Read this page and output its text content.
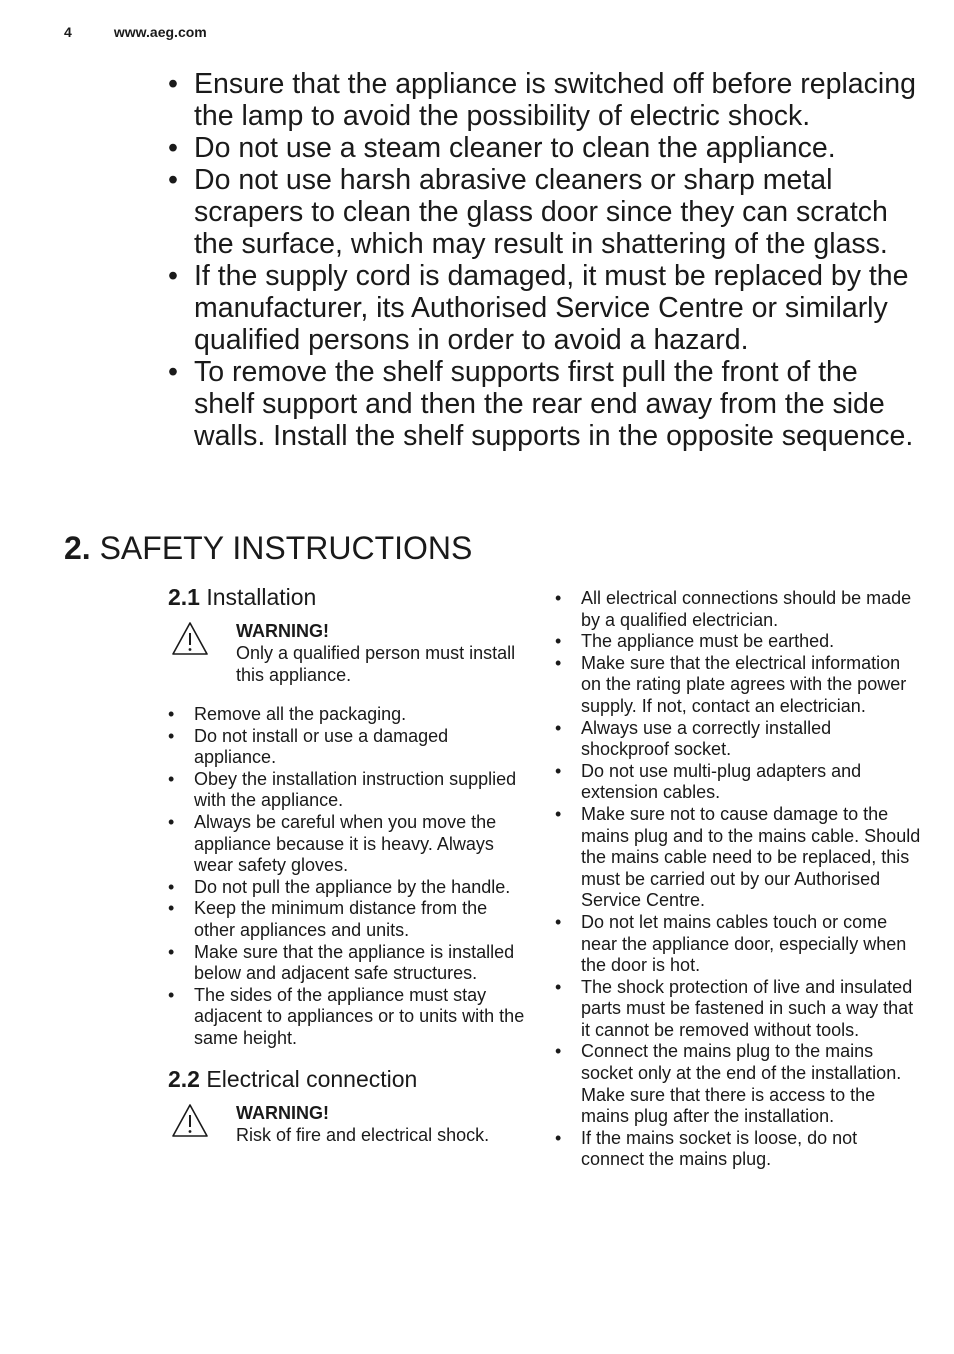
4	www.aeg.com
• Ensure that the appliance is switched off before replacing the lamp to avoid the possibility of electric shock.
• Do not use a steam cleaner to clean the appliance.
• Do not use harsh abrasive cleaners or sharp metal scrapers to clean the glass door since they can scratch the surface, which may result in shattering of the glass.
• If the supply cord is damaged, it must be replaced by the manufacturer, its Authorised Service Centre or similarly qualified persons in order to avoid a hazard.
• To remove the shelf supports first pull the front of the shelf support and then the rear end away from the side walls. Install the shelf supports in the opposite sequence.
2. SAFETY INSTRUCTIONS
2.1 Installation
WARNING!
Only a qualified person must install this appliance.
• Remove all the packaging.
• Do not install or use a damaged appliance.
• Obey the installation instruction supplied with the appliance.
• Always be careful when you move the appliance because it is heavy. Always wear safety gloves.
• Do not pull the appliance by the handle.
• Keep the minimum distance from the other appliances and units.
• Make sure that the appliance is installed below and adjacent safe structures.
• The sides of the appliance must stay adjacent to appliances or to units with the same height.
2.2 Electrical connection
WARNING!
Risk of fire and electrical shock.
• All electrical connections should be made by a qualified electrician.
• The appliance must be earthed.
• Make sure that the electrical information on the rating plate agrees with the power supply. If not, contact an electrician.
• Always use a correctly installed shockproof socket.
• Do not use multi-plug adapters and extension cables.
• Make sure not to cause damage to the mains plug and to the mains cable. Should the mains cable need to be replaced, this must be carried out by our Authorised Service Centre.
• Do not let mains cables touch or come near the appliance door, especially when the door is hot.
• The shock protection of live and insulated parts must be fastened in such a way that it cannot be removed without tools.
• Connect the mains plug to the mains socket only at the end of the installation. Make sure that there is access to the mains plug after the installation.
• If the mains socket is loose, do not connect the mains plug.
